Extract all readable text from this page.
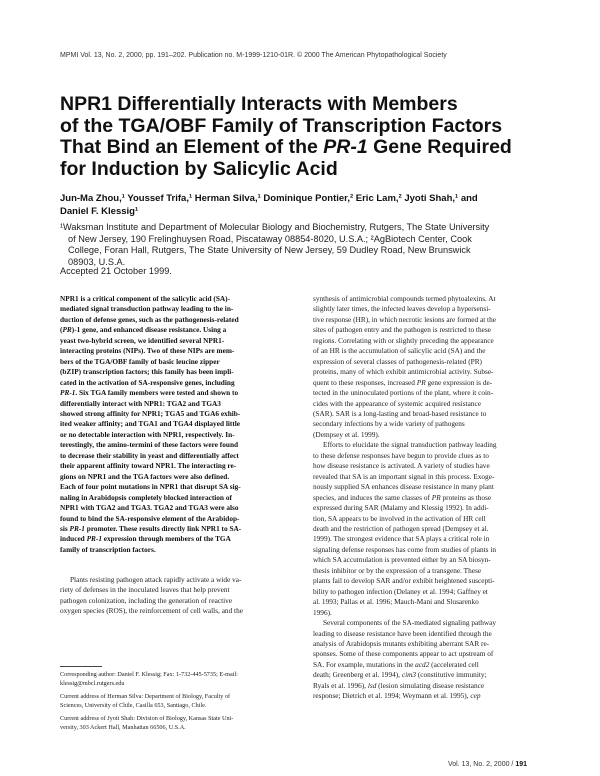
MPMI Vol. 13, No. 2, 2000, pp. 191–202. Publication no. M-1999-1210-01R. © 2000 The American Phytopathological Society
NPR1 Differentially Interacts with Members
of the TGA/OBF Family of Transcription Factors
That Bind an Element of the PR-1 Gene Required
for Induction by Salicylic Acid
Jun-Ma Zhou,¹ Youssef Trifa,¹ Herman Silva,¹ Dominique Pontier,² Eric Lam,² Jyoti Shah,¹ and
Daniel F. Klessig¹
¹Waksman Institute and Department of Molecular Biology and Biochemistry, Rutgers, The State University
of New Jersey, 190 Frelinghuysen Road, Piscataway 08854-8020, U.S.A.; ²AgBiotech Center, Cook
College, Foran Hall, Rutgers, The State University of New Jersey, 59 Dudley Road, New Brunswick
08903, U.S.A.
Accepted 21 October 1999.
NPR1 is a critical component of the salicylic acid (SA)-
mediated signal transduction pathway leading to the in-
duction of defense genes, such as the pathogenesis-related
(PR)-1 gene, and enhanced disease resistance. Using a
yeast two-hybrid screen, we identified several NPR1-
interacting proteins (NIPs). Two of these NIPs are mem-
bers of the TGA/OBF family of basic leucine zipper
(bZIP) transcription factors; this family has been impli-
cated in the activation of SA-responsive genes, including
PR-1. Six TGA family members were tested and shown to
differentially interact with NPR1: TGA2 and TGA3
showed strong affinity for NPR1; TGA5 and TGA6 exhib-
ited weaker affinity; and TGA1 and TGA4 displayed little
or no detectable interaction with NPR1, respectively. In-
terestingly, the amino-termini of these factors were found
to decrease their stability in yeast and differentially affect
their apparent affinity toward NPR1. The interacting re-
gions on NPR1 and the TGA factors were also defined.
Each of four point mutations in NPR1 that disrupt SA sig-
naling in Arabidopsis completely blocked interaction of
NPR1 with TGA2 and TGA3. TGA2 and TGA3 were also
found to bind the SA-responsive element of the Arabidop-
sis PR-1 promoter. These results directly link NPR1 to SA-
induced PR-1 expression through members of the TGA
family of transcription factors.
Plants resisting pathogen attack rapidly activate a wide va-
riety of defenses in the inoculated leaves that help prevent
pathogen colonization, including the generation of reactive
oxygen species (ROS), the reinforcement of cell walls, and the
Corresponding author: Daniel F. Klessig; Fax: 1-732-445-5735; E-mail:
klessig@mbcl.rutgers.edu
Current address of Herman Silva: Department of Biology, Faculty of
Sciences, University of Chile, Casilla 653, Santiago, Chile.
Current address of Jyoti Shah: Division of Biology, Kansas State Uni-
versity, 303 Ackert Hall, Manhattan 66506, U.S.A.
synthesis of antimicrobial compounds termed phytoalexins. At
slightly later times, the infected leaves develop a hypersensi-
tive response (HR), in which necrotic lesions are formed at the
sites of pathogen entry and the pathogen is restricted to these
regions. Correlating with or slightly preceding the appearance
of an HR is the accumulation of salicylic acid (SA) and the
expression of several classes of pathogenesis-related (PR)
proteins, many of which exhibit antimicrobial activity. Subse-
quent to these responses, increased PR gene expression is de-
tected in the uninoculated portions of the plant, where it coin-
cides with the appearance of systemic acquired resistance
(SAR). SAR is a long-lasting and broad-based resistance to
secondary infections by a wide variety of pathogens
(Dempsey et al. 1999).
Efforts to elucidate the signal transduction pathway leading
to these defense responses have begun to provide clues as to
how disease resistance is activated. A variety of studies have
revealed that SA is an important signal in this process. Exoge-
nously supplied SA enhances disease resistance in many plant
species, and induces the same classes of PR proteins as those
expressed during SAR (Malamy and Klessig 1992). In addi-
tion, SA appears to be involved in the activation of HR cell
death and the restriction of pathogen spread (Dempsey et al.
1999). The strongest evidence that SA plays a critical role in
signaling defense responses has come from studies of plants in
which SA accumulation is prevented either by an SA biosyn-
thesis inhibitor or by the expression of a transgene. These
plants fail to develop SAR and/or exhibit heightened suscepti-
bility to pathogen infection (Delaney et al. 1994; Gaffney et
al. 1993; Pallas et al. 1996; Mauch-Mani and Slusarenko
1996).
Several components of the SA-mediated signaling pathway
leading to disease resistance have been identified through the
analysis of Arabidopsis mutants exhibiting aberrant SAR re-
sponses. Some of these components appear to act upstream of
SA. For example, mutations in the acd2 (accelerated cell
death; Greenberg et al. 1994), cim3 (constitutive immunity;
Ryals et al. 1996), lsd (lesion simulating disease resistance
response; Dietrich et al. 1994; Weymann et al. 1995), cep
Vol. 13, No. 2, 2000 / 191
